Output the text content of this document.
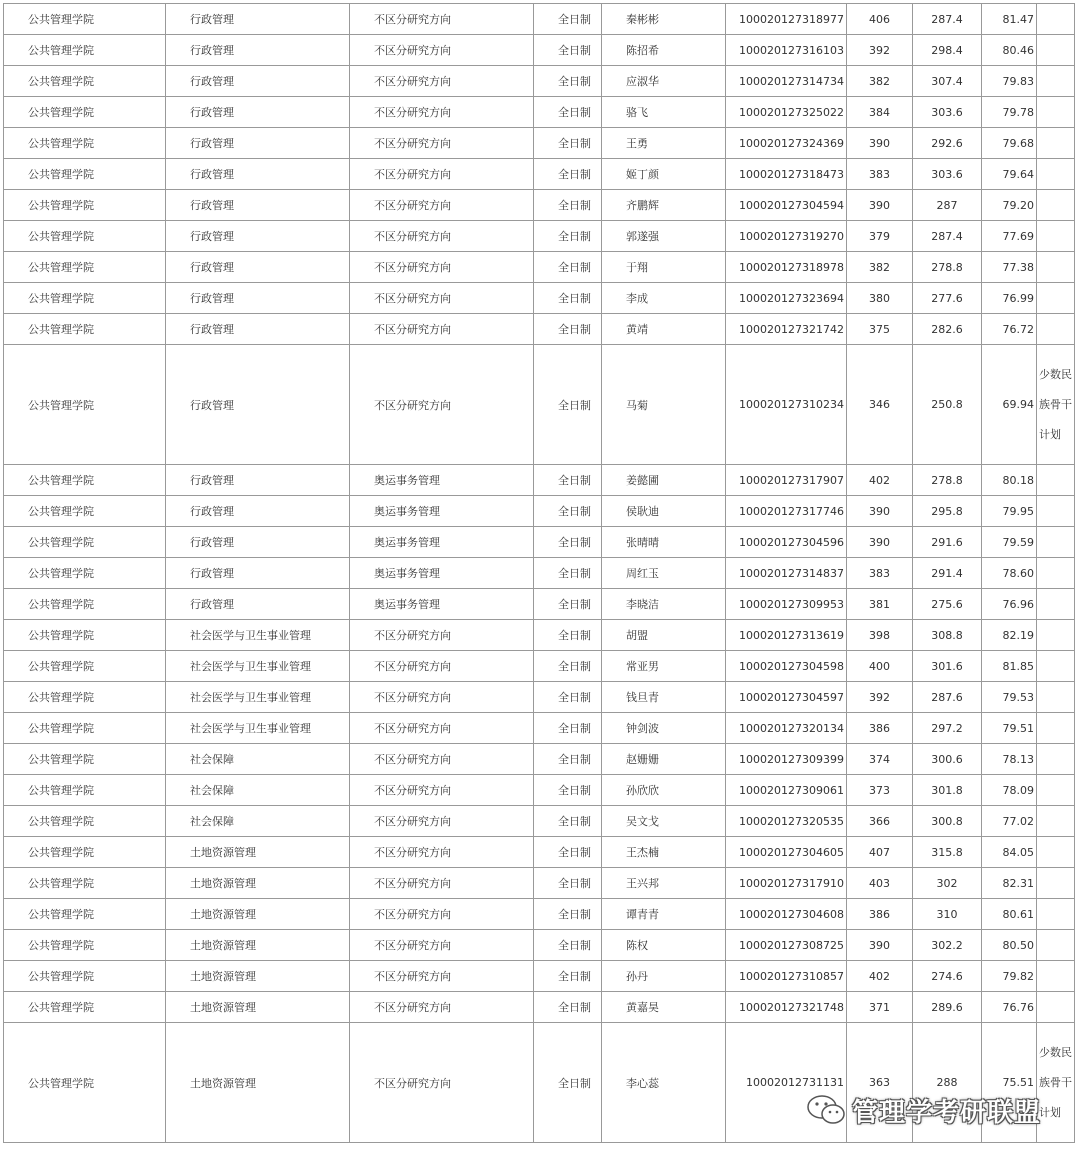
公共管理学院	行政管理	不区分研究方向	全日制	秦彬彬	100020127318977	406	287.4	81.47	
公共管理学院	行政管理	不区分研究方向	全日制	陈招希	100020127316103	392	298.4	80.46	
公共管理学院	行政管理	不区分研究方向	全日制	应淑华	100020127314734	382	307.4	79.83	
公共管理学院	行政管理	不区分研究方向	全日制	骆飞	100020127325022	384	303.6	79.78	
公共管理学院	行政管理	不区分研究方向	全日制	王勇	100020127324369	390	292.6	79.68	
公共管理学院	行政管理	不区分研究方向	全日制	姬丁颜	100020127318473	383	303.6	79.64	
公共管理学院	行政管理	不区分研究方向	全日制	齐鹏辉	100020127304594	390	287	79.20	
公共管理学院	行政管理	不区分研究方向	全日制	郭遂强	100020127319270	379	287.4	77.69	
公共管理学院	行政管理	不区分研究方向	全日制	于翔	100020127318978	382	278.8	77.38	
公共管理学院	行政管理	不区分研究方向	全日制	李成	100020127323694	380	277.6	76.99	
公共管理学院	行政管理	不区分研究方向	全日制	黄靖	100020127321742	375	282.6	76.72	
公共管理学院	行政管理	不区分研究方向	全日制	马菊	100020127310234	346	250.8	69.94	少数民族骨干计划
公共管理学院	行政管理	奥运事务管理	全日制	姜懿圃	100020127317907	402	278.8	80.18	
公共管理学院	行政管理	奥运事务管理	全日制	侯耿迪	100020127317746	390	295.8	79.95	
公共管理学院	行政管理	奥运事务管理	全日制	张晴晴	100020127304596	390	291.6	79.59	
公共管理学院	行政管理	奥运事务管理	全日制	周红玉	100020127314837	383	291.4	78.60	
公共管理学院	行政管理	奥运事务管理	全日制	李晓洁	100020127309953	381	275.6	76.96	
公共管理学院	社会医学与卫生事业管理	不区分研究方向	全日制	胡盟	100020127313619	398	308.8	82.19	
公共管理学院	社会医学与卫生事业管理	不区分研究方向	全日制	常亚男	100020127304598	400	301.6	81.85	
公共管理学院	社会医学与卫生事业管理	不区分研究方向	全日制	钱旦青	100020127304597	392	287.6	79.53	
公共管理学院	社会医学与卫生事业管理	不区分研究方向	全日制	钟剑波	100020127320134	386	297.2	79.51	
公共管理学院	社会保障	不区分研究方向	全日制	赵姗姗	100020127309399	374	300.6	78.13	
公共管理学院	社会保障	不区分研究方向	全日制	孙欣欣	100020127309061	373	301.8	78.09	
公共管理学院	社会保障	不区分研究方向	全日制	吴文戈	100020127320535	366	300.8	77.02	
公共管理学院	土地资源管理	不区分研究方向	全日制	王杰楠	100020127304605	407	315.8	84.05	
公共管理学院	土地资源管理	不区分研究方向	全日制	王兴邦	100020127317910	403	302	82.31	
公共管理学院	土地资源管理	不区分研究方向	全日制	谭青青	100020127304608	386	310	80.61	
公共管理学院	土地资源管理	不区分研究方向	全日制	陈权	100020127308725	390	302.2	80.50	
公共管理学院	土地资源管理	不区分研究方向	全日制	孙丹	100020127310857	402	274.6	79.82	
公共管理学院	土地资源管理	不区分研究方向	全日制	黄嘉昊	100020127321748	371	289.6	76.76	
公共管理学院	土地资源管理	不区分研究方向	全日制	李心蕊	10002012731131	363	288	75.51	少数民族骨干计划
管理学考研联盟
